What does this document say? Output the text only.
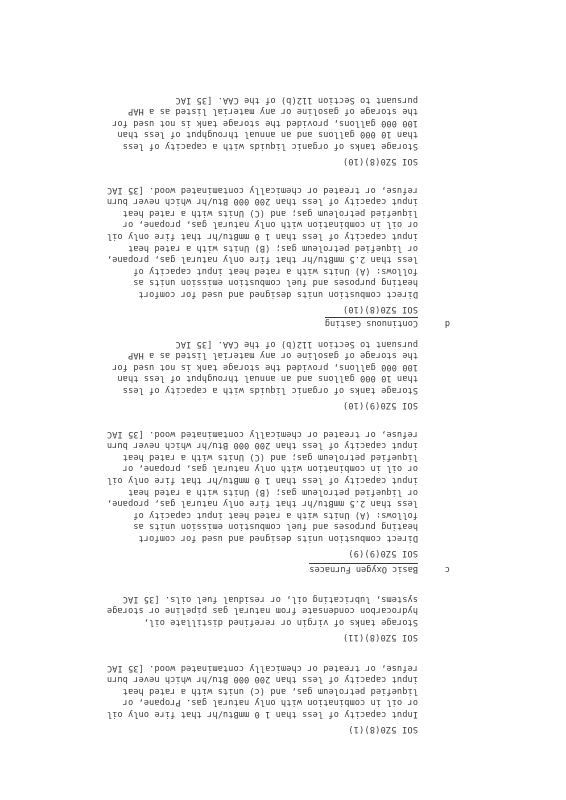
SOI 5Z0(8)(1)
Input capacity of less than 1 0 mmBtu/hr that fire only oil
or oil in combination with only natural gas. Propane, or
liquefied petroleum gas, and (c) units with a rated heat
input capacity of less than 200 000 Btu/hr which never burn
refuse, or treated or chemically contaminated wood. [35 IAC
SOI 5Z0(8)(11)
Storage tanks of virgin or rerefined distillate oil,
hydrocarbon condensate from natural gas pipeline or storage
systems, lubricating oil, or residual fuel oils. [35 IAC
c
Basic Oxygen Furnaces
SOI 5Z0(9)(9)
Direct combustion units designed and used for comfort
heating purposes and fuel combustion emission units as
follows: (A) Units with a rated heat input capacity of
less than 2.5 mmBtu/hr that fire only natural gas, propane,
or liquefied petroleum gas; (B) Units with a rated heat
input capacity of less than 1 0 mmBtu/hr that fire only oil
or oil in combination with only natural gas, propane, or
liquefied petroleum gas; and (C) Units with a rated heat
input capacity of less than 200 000 Btu/hr which never burn
refuse, or treated or chemically contaminated wood. [35 IAC
SOI 5Z0(9)(10)
Storage tanks of organic liquids with a capacity of less
than 10 000 gallons and an annual throughput of less than
100 000 gallons, provided the storage tank is not used for
the storage of gasoline or any material listed as a HAP
pursuant to Section 112(b) of the CAA. [35 IAC
d
Continuous Casting
SOI 5Z0(8)(10)
Direct combustion units designed and used for comfort
heating purposes and fuel combustion emission units as
follows: (A) Units with a rated heat input capacity of
less than 2.5 mmBtu/hr that fire only natural gas, propane,
or liquefied petroleum gas; (B) Units with a rated heat
input capacity of less than 1 0 mmBtu/hr that fire only oil
or oil in combination with only natural gas, propane, or
liquefied petroleum gas; and (C) Units with a rated heat
input capacity of less than 200 000 Btu/hr which never burn
refuse, or treated or chemically contaminated wood. [35 IAC
SOI 5Z0(8)(10)
Storage tanks of organic liquids with a capacity of less
than 10 000 gallons and an annual throughput of less than
100 000 gallons, provided the storage tank is not used for
the storage of gasoline or any material listed as a HAP
pursuant to Section 112(b) of the CAA. [35 IAC
